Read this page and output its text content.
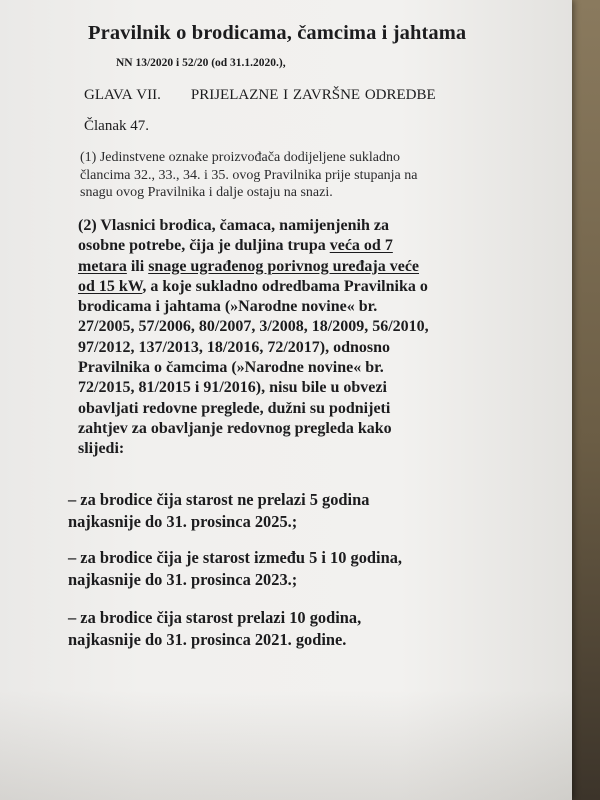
Pravilnik o brodicama, čamcima i jahtama
NN 13/2020 i 52/20 (od 31.1.2020.),
GLAVA VII. PRIJELAZNE I ZAVRŠNE ODREDBE
Članak 47.
(1) Jedinstvene oznake proizvođača dodijeljene sukladno
člancima 32., 33., 34. i 35. ovog Pravilnika prije stupanja na
snagu ovog Pravilnika i dalje ostaju na snazi.
(2) Vlasnici brodica, čamaca, namijenjenih za
osobne potrebe, čija je duljina trupa veća od 7
metara ili snage ugrađenog porivnog uređaja veće
od 15 kW, a koje sukladno odredbama Pravilnika o
brodicama i jahtama (»Narodne novine« br.
27/2005, 57/2006, 80/2007, 3/2008, 18/2009, 56/2010,
97/2012, 137/2013, 18/2016, 72/2017), odnosno
Pravilnika o čamcima (»Narodne novine« br.
72/2015, 81/2015 i 91/2016), nisu bile u obvezi
obavljati redovne preglede, dužni su podnijeti
zahtjev za obavljanje redovnog pregleda kako
slijedi:
– za brodice čija starost ne prelazi 5 godina
najkasnije do 31. prosinca 2025.;
– za brodice čija je starost između 5 i 10 godina,
najkasnije do 31. prosinca 2023.;
– za brodice čija starost prelazi 10 godina,
najkasnije do 31. prosinca 2021. godine.
